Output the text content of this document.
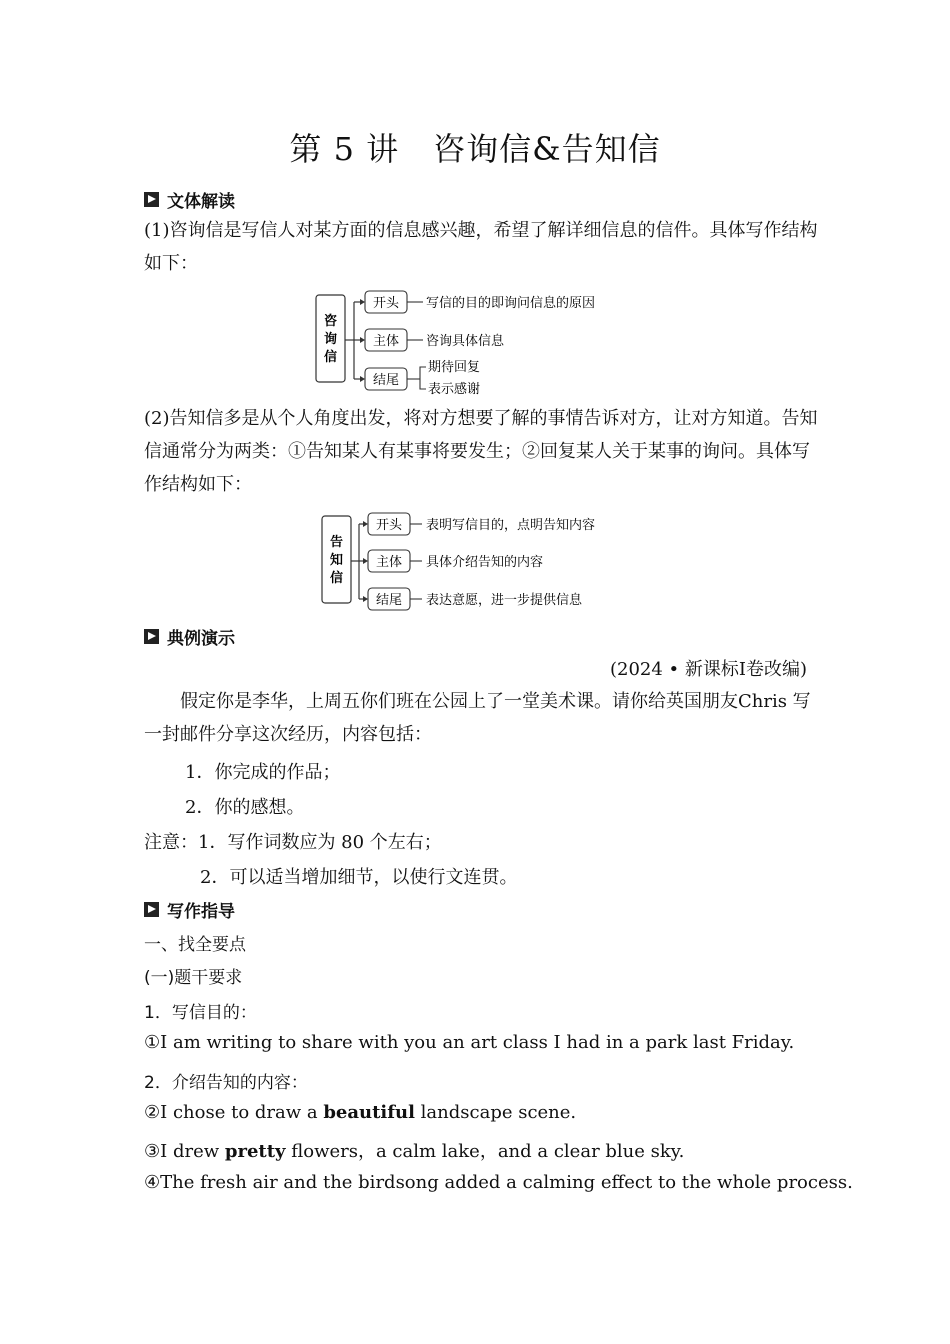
第 5 讲 咨询信&告知信
文体解读
(1)咨询信是写信人对某方面的信息感兴趣，希望了解详细信息的信件。具体写作结构如下：
咨
询
信
开头
主体
结尾
写信的目的即询问信息的原因
咨询具体信息
期待回复
表示感谢
(2)告知信多是从个人角度出发，将对方想要了解的事情告诉对方，让对方知道。告知信通常分为两类：①告知某人有某事将要发生；②回复某人关于某事的询问。具体写作结构如下：
告
知
信
开头
主体
结尾
表明写信目的，点明告知内容
具体介绍告知的内容
表达意愿，进一步提供信息
典例演示
(2024 • 新课标Ⅰ卷改编)
假定你是李华，上周五你们班在公园上了一堂美术课。请你给英国朋友Chris 写一封邮件分享这次经历，内容包括：
1．你完成的作品；
2．你的感想。
注意：1．写作词数应为 80 个左右；
2．可以适当增加细节，以使行文连贯。
写作指导
一、找全要点
(一)题干要求
1．写信目的：
①I am writing to share with you an art class I had in a park last Friday.
2．介绍告知的内容：
②I chose to draw a beautiful landscape scene.
③I drew pretty flowers，a calm lake，and a clear blue sky.
④The fresh air and the birdsong added a calming effect to the whole process.
